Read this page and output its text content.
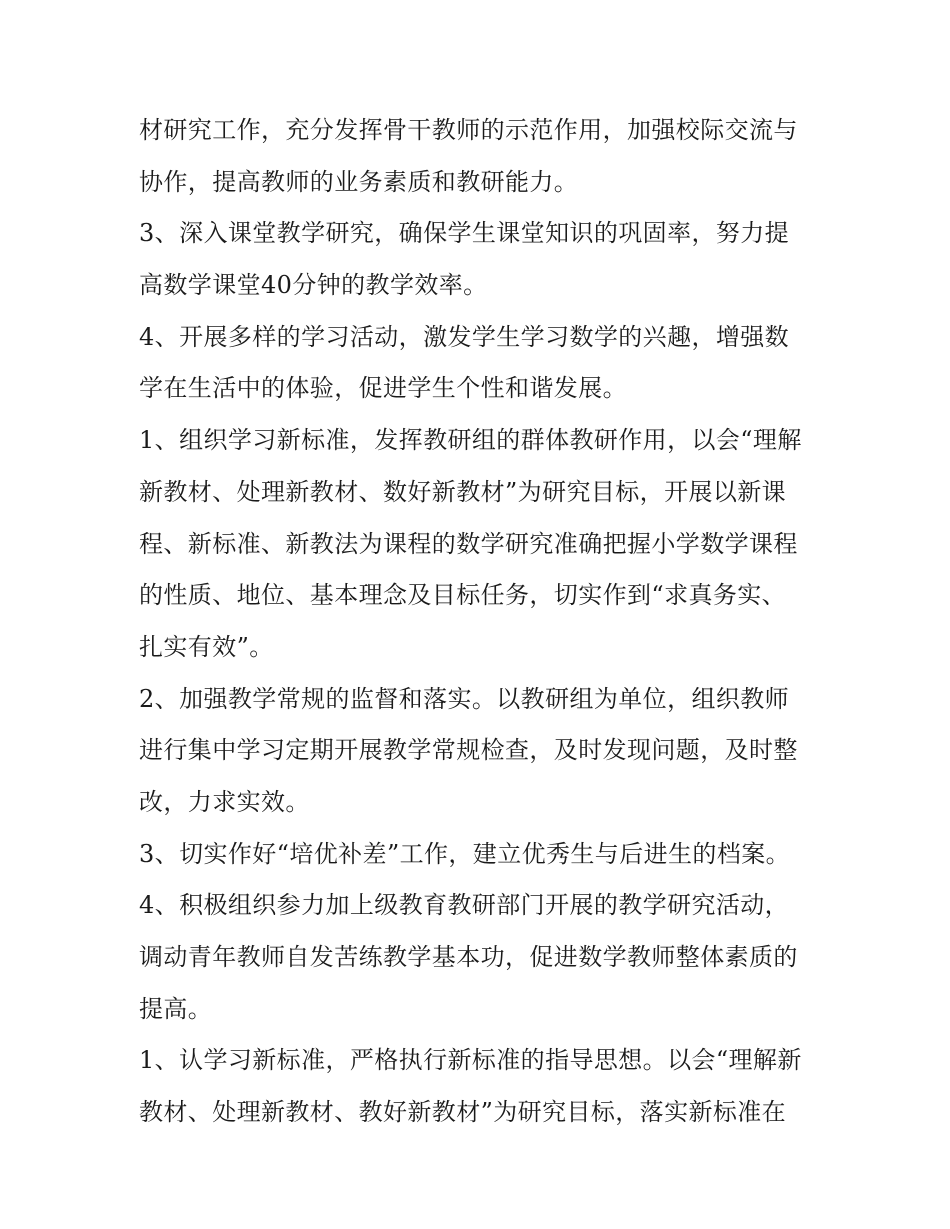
材研究工作，充分发挥骨干教师的示范作用，加强校际交流与
协作，提高教师的业务素质和教研能力。
3、深入课堂教学研究，确保学生课堂知识的巩固率，努力提
高数学课堂40分钟的教学效率。
4、开展多样的学习活动，激发学生学习数学的兴趣，增强数
学在生活中的体验，促进学生个性和谐发展。
1、组织学习新标准，发挥教研组的群体教研作用，以会“理解
新教材、处理新教材、数好新教材”为研究目标，开展以新课
程、新标准、新教法为课程的数学研究准确把握小学数学课程
的性质、地位、基本理念及目标任务，切实作到“求真务实、
扎实有效”。
2、加强教学常规的监督和落实。以教研组为单位，组织教师
进行集中学习定期开展教学常规检查，及时发现问题，及时整
改，力求实效。
3、切实作好“培优补差”工作，建立优秀生与后进生的档案。
4、积极组织参力加上级教育教研部门开展的教学研究活动，
调动青年教师自发苦练教学基本功，促进数学教师整体素质的
提高。
1、认学习新标准，严格执行新标准的指导思想。以会“理解新
教材、处理新教材、教好新教材”为研究目标，落实新标准在
